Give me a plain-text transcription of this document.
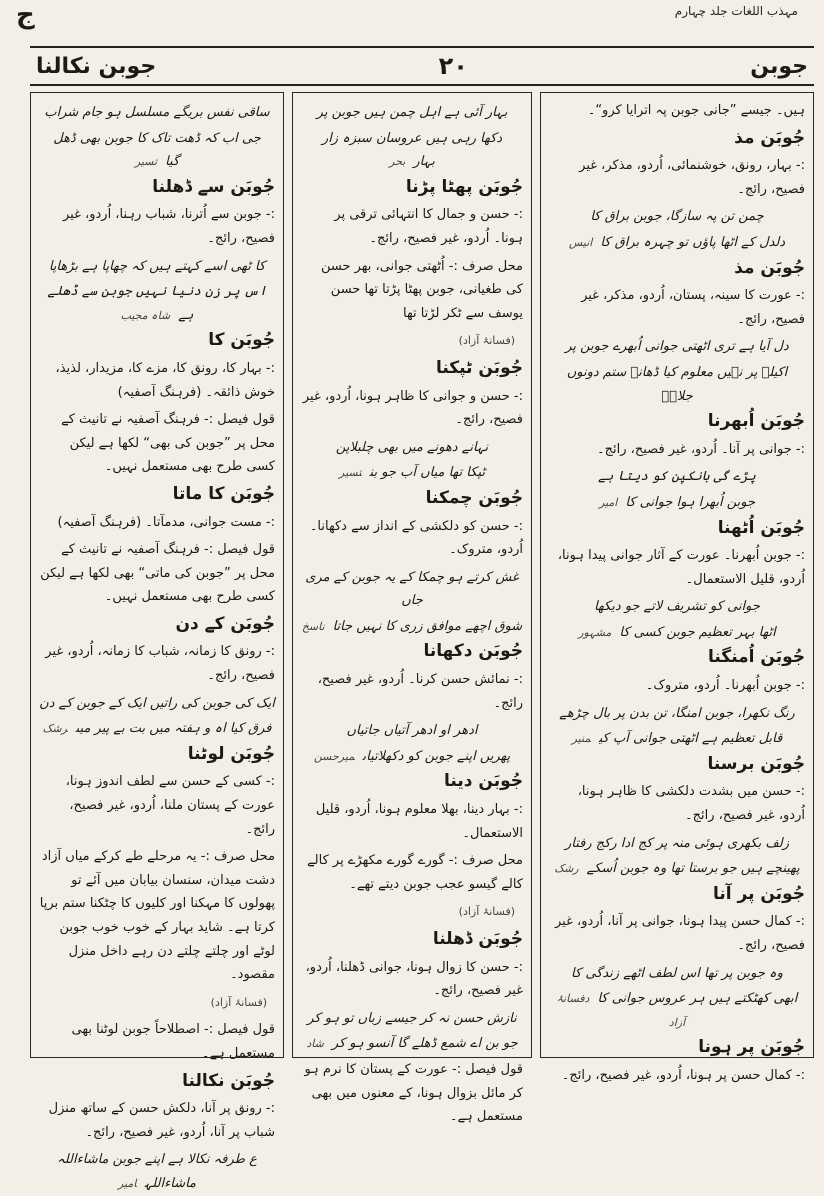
مہذب اللغات جلد چہارم
ج
جوبن نکالنا	۲۰	جوبن
ہیں۔ جیسے ”جانی جوبن پہ اترایا کرو“۔
جُوبَن مذ
:- بہار، رونق، خوشنمائی، اُردو، مذکر، غیر فصیح، رائج۔
چمن تن پہ سازگا، جوبن براق کا
دلدل کے اٹھا پاؤں تو چہرہ براق کاانیس
جُوبَن مذ
:- عورت کا سینہ، پستان، اُردو، مذکر، غیر فصیح، رائج۔
دل آیا ہے تری اٹھتی جوانی اُبھرے جوبن پر
اکیلے پر نہیں معلوم کیا ڈھانے ستم دونوں جلالؔ
جُوبَن اُبھرنا
:- جوانی پر آنا۔ اُردو، غیر فصیح، رائج۔
پڑے گی بانکپن کو دیتا ہے
جوبن اُبھرا ہوا جوانی کاامیر
جُوبَن اُٹھنا
:- جوبن اُبھرنا۔ عورت کے آثار جوانی پیدا ہونا، اُردو، قلیل الاستعمال۔
جوانی کو تشریف لاتے جو دیکھا
اٹھا بہر تعظیم جوبن کسی کامشہور
جُوبَن اُمنگنا
:- جوبن اُبھرنا۔ اُردو، متروک۔
رنگ نکھرا، جوبن امنگا، تن بدن پر بال چڑھے
قابل تعظیم ہے اٹھتی جوانی آپ کیمنیر
جُوبَن برسنا
:- حسن میں بشدت دلکشی کا ظاہر ہونا، اُردو، غیر فصیح، رائج۔
زلف بکھری ہوئی منہ پر کج ادا رکج رفتار
پھینچے ہیں جو برستا تھا وہ جوبن اُسکےرشک
جُوبَن پر آنا
:- کمال حسن پیدا ہونا، جوانی پر آنا، اُردو، غیر فصیح، رائج۔
وہ جوبن پر تھا اس لطف اٹھے زندگی کا
ابھی کھٹکتے ہیں ہر عروس جوانی کادفسانۂ آزاد
جُوبَن پر ہونا
:- کمال حسن پر ہونا، اُردو، غیر فصیح، رائج۔
بہار آئی ہے اہل چمن ہیں جوبن پر
دکھا رہی ہیں عروسان سبزہ زار بہاربحر
جُوبَن پھٹا پڑنا
:- حسن و جمال کا انتہائی ترقی پر ہونا۔ اُردو، غیر فصیح، رائج۔
محل صرف :- اُٹھتی جوانی، بھر حسن کی طغیانی، جوبن پھٹا پڑتا تھا حسن یوسف سے ٹکر لڑتا تھا
(فسانۂ آزاد)
جُوبَن ٹپکنا
:- حسن و جوانی کا ظاہر ہونا، اُردو، غیر فصیح، رائج۔
نہانے دھونے میں بھی چلبلاپن
ٹپکا تھا میاں آب جو بنتسیر
جُوبَن چمکنا
:- حسن کو دلکشی کے انداز سے دکھانا۔ اُردو، متروک۔
غش کرتے ہو چمکا کے یہ جوبن کے مری جاں
شوق اچھے موافق زری کا نہیں جاتاناسخ
جُوبَن دکھانا
:- نمائش حسن کرنا۔ اُردو، غیر فصیح، رائج۔
ادھر او ادھر آتیاں جاتیاں
پھریں اپنے جوبن کو دکھلاتیاںمیرحسن
جُوبَن دینا
:- بہار دینا، بھلا معلوم ہونا، اُردو، قلیل الاستعمال۔
محل صرف :- گورے گورے مکھڑے پر کالے کالے گیسو عجب جوبن دیتے تھے۔
(فسانۂ آزاد)
جُوبَن ڈھلنا
:- حسن کا زوال ہونا، جوانی ڈھلنا، اُردو، غیر فصیح، رائج۔
نازش حسن نہ کر جیسے زباں تو ہو کر
جو بن اے شمع ڈھلے گا آنسو ہو کرشاد
قول فیصل :- عورت کے پستان کا نرم ہو کر مائل بزوال ہونا، کے معنوں میں بھی مستعمل ہے۔
ساقی نفس بریگے مسلسل ہو جام شراب
جی اب کہ ڈھت تاک کا جوبن بھی ڈھل گیاتسیر
جُوبَن سے ڈھلنا
:- جوبن سے اُترنا، شباب رہنا، اُردو، غیر فصیح، رائج۔
کا ٹھی اسے کہتے ہیں کہ چھاپا ہے بڑھاپا
اس پر زن دنیا نہیں جوبن سے ڈھلے ہےشاہ مجیب
جُوبَن کا
:- بہار کا، رونق کا، مزے کا، مزیدار، لذیذ، خوش ذائقہ۔ (فرہنگ آصفیہ)
قول فیصل :- فرہنگ آصفیہ نے تانیث کے محل پر ”جوبن کی بھی“ لکھا ہے لیکن کسی طرح بھی مستعمل نہیں۔
جُوبَن کا ماتا
:- مست جوانی، مدمآتا۔ (فرہنگ آصفیہ)
قول فیصل :- فرہنگ آصفیہ نے تانیث کے محل پر ”جوبن کی ماتی“ بھی لکھا ہے لیکن کسی طرح بھی مستعمل نہیں۔
جُوبَن کے دن
:- رونق کا زمانہ، شباب کا زمانہ، اُردو، غیر فصیح، رائج۔
ایک کی جوبن کی راتیں ایک کے جوبن کے دن
فرق کیا اہ و ہفتہ میں بت بے پیر میںرشک
جُوبَن لوٹنا
:- کسی کے حسن سے لطف اندوز ہونا، عورت کے پستان ملنا، اُردو، غیر فصیح، رائج۔
محل صرف :- یہ مرحلے طے کرکے میاں آزاد دشت میدان، سنسان بیابان میں آئے تو پھولوں کا مہکنا اور کلیوں کا چٹکنا ستم برپا کرتا ہے۔ شاید بہار کے خوب خوب جوبن لوٹے اور چلتے چلتے دن رہے داخل منزل مقصود۔
(فسانۂ آزاد)
قول فیصل :- اصطلاحاً جوبن لوٹنا بھی مستعمل ہے۔
جُوبَن نکالنا
:- رونق پر آنا، دلکش حسن کے ساتھ منزل شباب پر آنا، اُردو، غیر فصیح، رائج۔
ع طرفہ نکالا ہے اپنے جوبن ماشاءاللہ ماشاءاللہامیر
